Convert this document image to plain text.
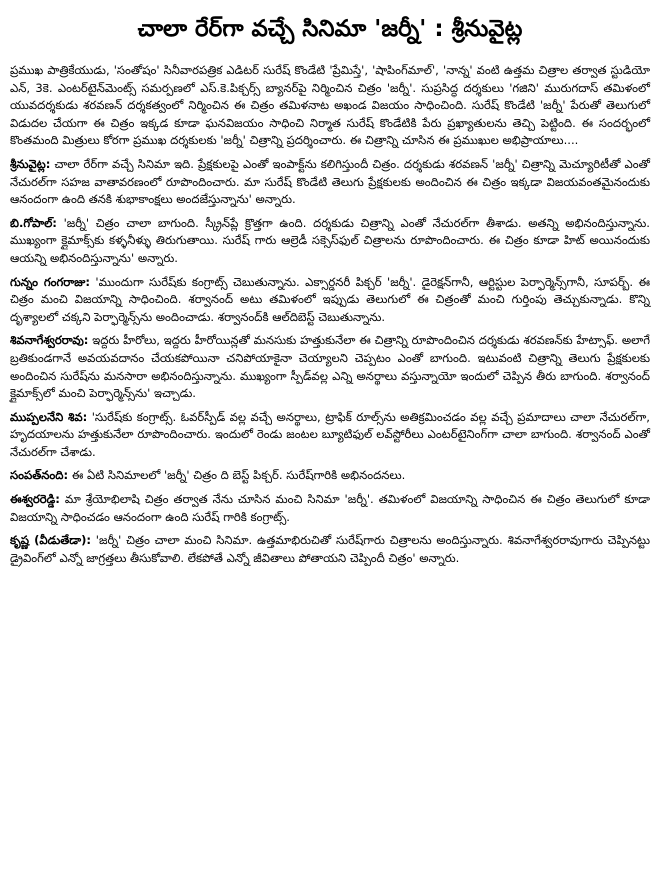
చాలా రేర్‌గా వచ్చే సినిమా 'జర్నీ' : శ్రీనువైట్ల

ప్రముఖ పాత్రికేయుడు, 'సంతోషం' సినీవారపత్రిక ఎడిటర్ సురేష్ కొండేటి 'ప్రేమిస్తే', 'షాపింగ్‌మాల్', 'నాన్న' వంటి ఉత్తమ చిత్రాల తర్వాత స్టుడియో ఎన్, 3కె. ఎంటర్‌టైన్‌మెంట్స్ సమర్పణలో ఎస్.కె.పిక్చర్స్ బ్యానర్‌పై నిర్మించిన చిత్రం 'జర్నీ'. సుప్రసిద్ధ దర్శకులు 'గజిని' మురుగదాస్ తమిళంలో యువదర్శకుడు శరవణన్ దర్శకత్వంలో నిర్మించిన ఈ చిత్రం తమిళనాట అఖండ విజయం సాధించింది. సురేష్ కొండేటి 'జర్నీ' పేరుతో తెలుగులో విడుదల చేయగా ఈ చిత్రం ఇక్కడ కూడా ఘనవిజయం సాధించి నిర్మాత సురేష్ కొండేటికి పేరు ప్రఖ్యాతులను తెచ్చి పెట్టింది. ఈ సందర్భంలో కొంతమంది మిత్రులు కోరగా ప్రముఖ దర్శకులకు 'జర్నీ' చిత్రాన్ని ప్రదర్శించారు. ఈ చిత్రాన్ని చూసిన ఈ ప్రముఖుల అభిప్రాయాలు....

శ్రీనువైట్ల: చాలా రేర్‌గా వచ్చే సినిమా ఇది. ప్రేక్షకులపై ఎంతో ఇంపాక్ట్‌ను కలిగిస్తుందీ చిత్రం. దర్శకుడు శరవణన్ 'జర్నీ' చిత్రాన్ని మెచ్యూరిటీతో ఎంతో నేచురల్‌గా సహజ వాతావరణంలో రూపొందించారు. మా సురేష్ కొండేటి తెలుగు ప్రేక్షకులకు అందించిన ఈ చిత్రం ఇక్కడా విజయవంతమైనందుకు ఆనందంగా ఉంది తనకి శుభాకాంక్షలు అందజేస్తున్నాను' అన్నారు.

బి.గోపాల్: 'జర్నీ' చిత్రం చాలా బాగుంది. స్క్రీన్‌ప్లే క్రొత్తగా ఉంది. దర్శకుడు చిత్రాన్ని ఎంతో నేచురల్‌గా తీశాడు. అతన్ని అభినందిస్తున్నాను. ముఖ్యంగా క్లైమాక్స్‌కు కళ్ళనీళ్ళు తిరుగుతాయి. సురేష్ గారు ఆల్రెడీ సక్సెస్‌ఫుల్ చిత్రాలను రూపొందించారు. ఈ చిత్రం కూడా హిట్ అయినందుకు ఆయన్ని అభినందిస్తున్నాను' అన్నారు.

గున్నం గంగరాజు: 'ముందుగా సురేష్‌కు కంగ్రాట్స్ చెబుతున్నాను. ఎక్సార్డనరీ పిక్చర్ 'జర్నీ'. డైరెక్షన్‌గానీ, ఆర్టిస్టుల పెర్ఫార్మెన్స్‌గానీ, సూపర్బ్. ఈ చిత్రం మంచి విజయాన్ని సాధించింది. శర్వానంద్ అటు తమిళంలో ఇప్పుడు తెలుగులో ఈ చిత్రంతో మంచి గుర్తింపు తెచ్చుకున్నాడు. కొన్ని దృశ్యాలలో చక్కని పెర్ఫార్మెన్స్‌ను అందించాడు. శర్వానంద్‌కి ఆల్‌దిబెస్ట్ చెబుతున్నాను.

శివనాగేశ్వరరావు: ఇద్దరు హీరోలు, ఇద్దరు హీరోయిన్లతో మనసుకు హత్తుకునేలా ఈ చిత్రాన్ని రూపొందించిన దర్శకుడు శరవణన్‌కు హేట్సాఫ్. అలాగే బ్రతికుండగానే అవయవదానం చేయకపోయినా చనిపోయాకైనా చెయ్యాలని చెప్పటం ఎంతో బాగుంది. ఇటువంటి చిత్రాన్ని తెలుగు ప్రేక్షకులకు అందించిన సురేష్‌ను మనసారా అభినందిస్తున్నాను. ముఖ్యంగా స్పీడ్‌వల్ల ఎన్ని అనర్థాలు వస్తున్నాయో ఇందులో చెప్పిన తీరు బాగుంది. శర్వానంద్ క్లైమాక్స్‌లో మంచి పెర్ఫార్మెన్స్‌ను' ఇచ్చాడు.

ముప్పలనేని శివ: 'సురేష్‌కు కంగ్రాట్స్. ఓవర్‌స్పీడ్ వల్ల వచ్చే అనర్థాలు, ట్రాఫిక్ రూల్స్‌ను అతిక్రమించడం వల్ల వచ్చే ప్రమాదాలు చాలా నేచురల్‌గా, హృదయాలను హత్తుకునేలా రూపొందించారు. ఇందులో రెండు జంటల బ్యూటిఫుల్ లవ్‌స్టోరీలు ఎంటర్‌టైనింగ్‌గా చాలా బాగుంది. శర్వానంద్ ఎంతో నేచురల్‌గా చేశాడు.

సంపత్‌నంది: ఈ ఏటి సినిమాలలో 'జర్నీ' చిత్రం ది బెస్ట్ పిక్చర్. సురేష్‌గారికి అభినందనలు.

ఈశ్వరరెడ్డి: మా శ్రేయోభిలాషి చిత్రం తర్వాత నేను చూసిన మంచి సినిమా 'జర్నీ'. తమిళంలో విజయాన్ని సాధించిన ఈ చిత్రం తెలుగులో కూడా విజయాన్ని సాధించడం ఆనందంగా ఉంది సురేష్ గారికి కంగ్రాట్స్.

కృష్ణ (వీడుతేడా): 'జర్నీ' చిత్రం చాలా మంచి సినిమా. ఉత్తమాభిరుచితో సురేష్‌గారు చిత్రాలను అందిస్తున్నారు. శివనాగేశ్వరరావుగారు చెప్పినట్టు డ్రైవింగ్‌లో ఎన్నో జాగ్రత్తలు తీసుకోవాలి. లేకపోతే ఎన్నో జీవితాలు పోతాయని చెప్పిందీ చిత్రం' అన్నారు.
